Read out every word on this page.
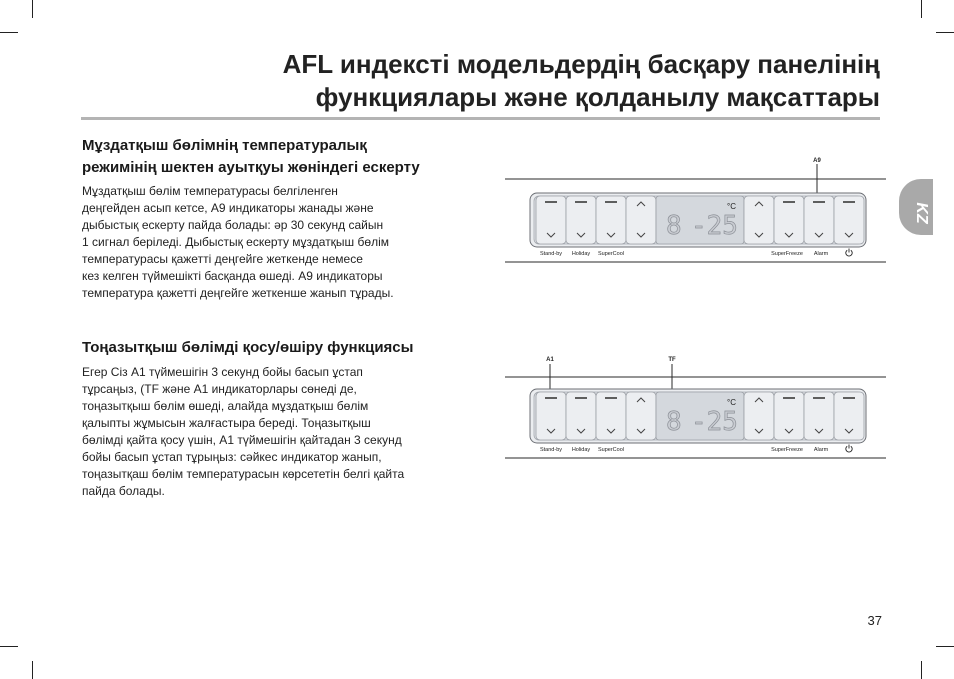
AFL индексті модельдердің басқару панелінің
функциялары және қолданылу мақсаттары
KZ
Мұздатқыш бөлімнің температуралық
режимінің шектен ауытқуы жөніндегі ескерту
Мұздатқыш бөлім температурасы белгіленген
деңгейден асып кетсе, A9 индикаторы жанады және
дыбыстық ескерту пайда болады: әр 30 секунд сайын
1 сигнал беріледі. Дыбыстық ескерту мұздатқыш бөлім
температурасы қажетті деңгейге жеткенде немесе
кез келген түймешікті басқанда өшеді. A9 индикаторы
температура қажетті деңгейге жеткенше жанып тұрады.
Тоңазытқыш бөлімді қосу/өшіру функциясы
Егер Сіз A1 түймешігін 3 секунд бойы басып ұстап
тұрсаңыз, (TF және A1 индикаторлары сөнеді де,
тоңазытқыш бөлім өшеді, алайда мұздатқыш бөлім
қалыпты жұмысын жалғастыра береді. Тоңазытқыш
бөлімді қайта қосу үшін, A1 түймешігін қайтадан 3 секунд
бойы басып ұстап тұрыңыз: сәйкес индикатор жанып,
тоңазытқаш бөлім температурасын көрсететін белгі қайта
пайда болады.
A9
8 -25
°C
Stand-by Holiday SuperCool	SuperFreeze Alarm
A1	TF
8 -25
°C
Stand-by Holiday SuperCool	SuperFreeze Alarm
37
